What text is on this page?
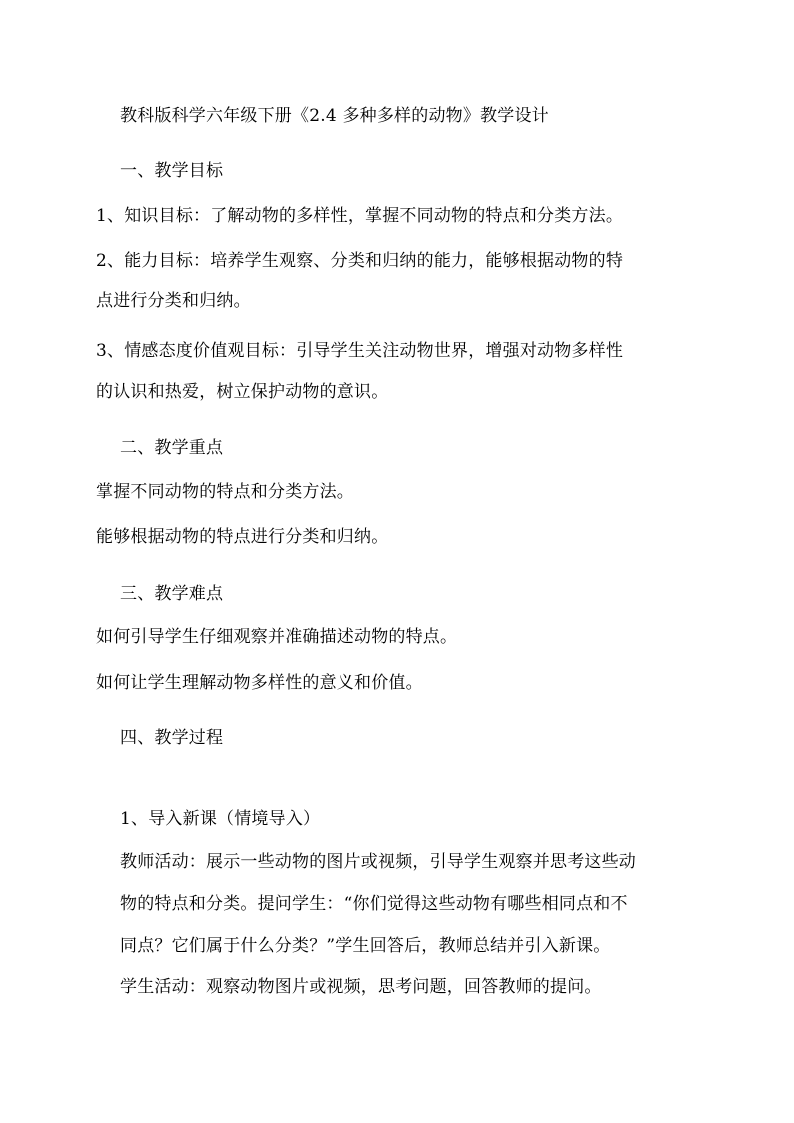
教科版科学六年级下册《2.4 多种多样的动物》教学设计
一、教学目标
1、知识目标：了解动物的多样性，掌握不同动物的特点和分类方法。
2、能力目标：培养学生观察、分类和归纳的能力，能够根据动物的特
点进行分类和归纳。
3、情感态度价值观目标：引导学生关注动物世界，增强对动物多样性
的认识和热爱，树立保护动物的意识。
二、教学重点
掌握不同动物的特点和分类方法。
能够根据动物的特点进行分类和归纳。
三、教学难点
如何引导学生仔细观察并准确描述动物的特点。
如何让学生理解动物多样性的意义和价值。
四、教学过程
1、导入新课（情境导入）
教师活动：展示一些动物的图片或视频，引导学生观察并思考这些动
物的特点和分类。提问学生：“你们觉得这些动物有哪些相同点和不
同点？它们属于什么分类？”学生回答后，教师总结并引入新课。
学生活动：观察动物图片或视频，思考问题，回答教师的提问。
